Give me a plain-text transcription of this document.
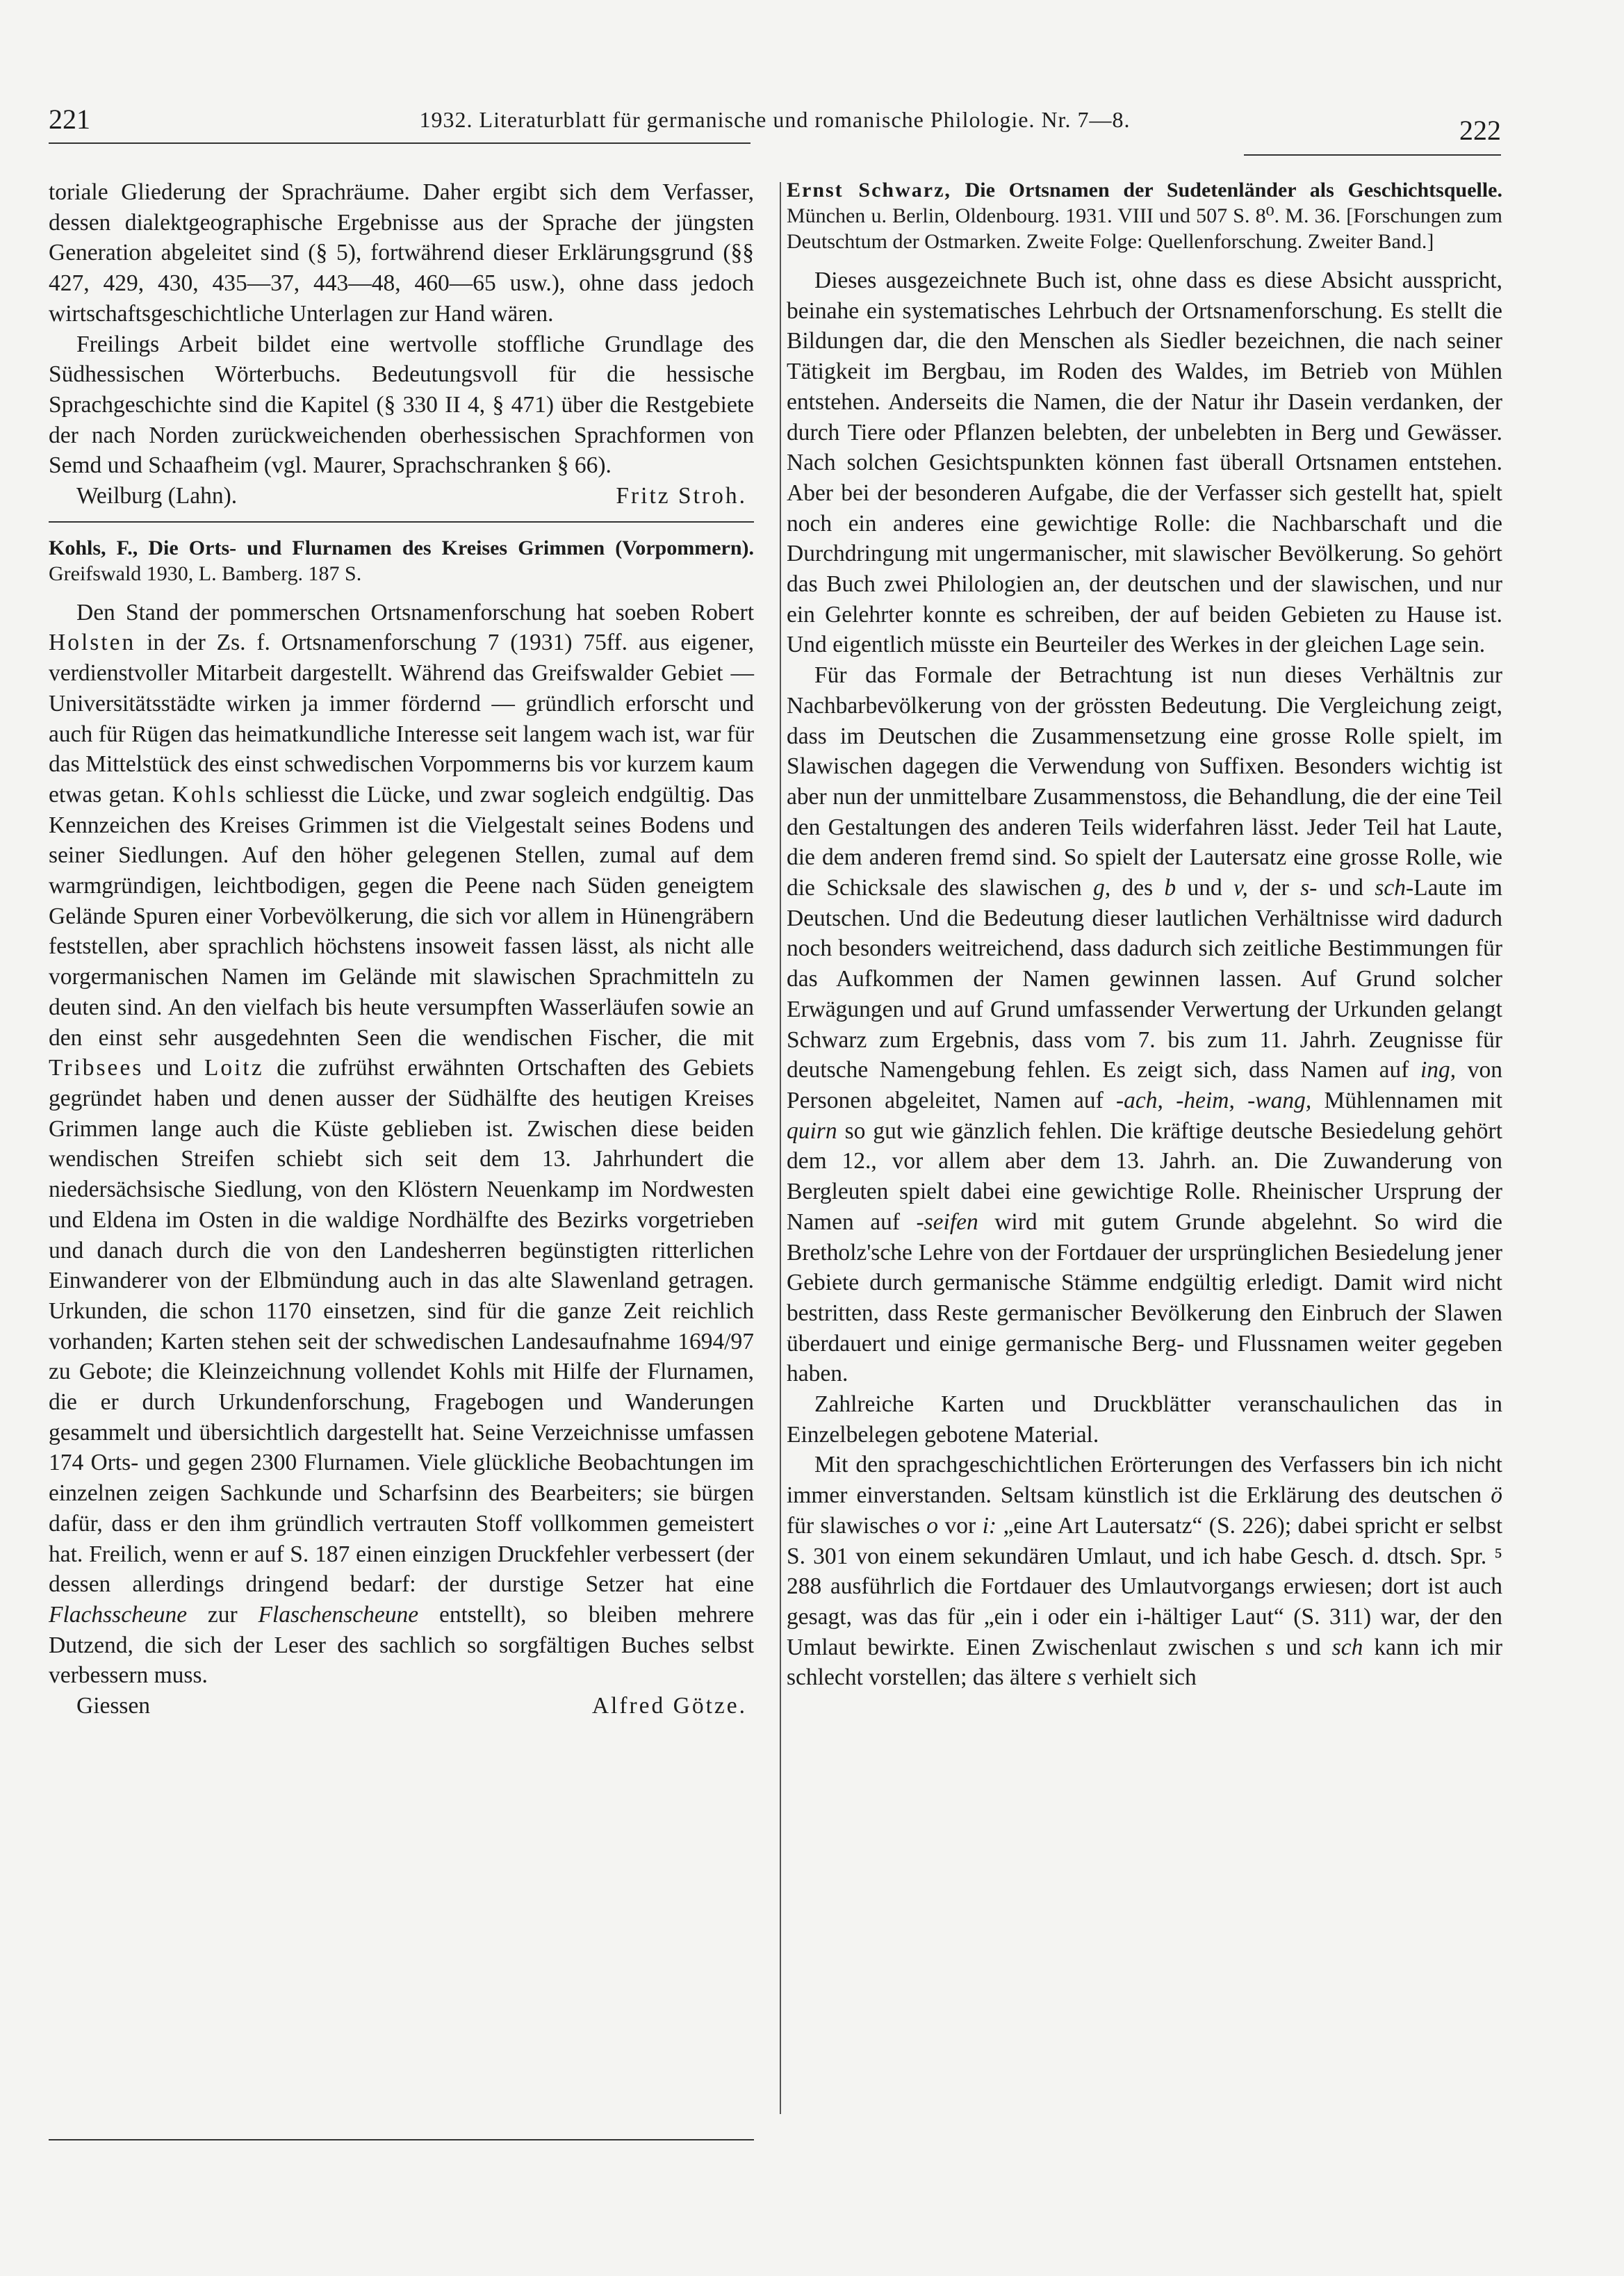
221	1932. Literaturblatt für germanische und romanische Philologie. Nr. 7—8.	222

toriale Gliederung der Sprachräume. Daher ergibt sich dem Verfasser, dessen dialektgeographische Ergebnisse aus der Sprache der jüngsten Generation abgeleitet sind (§ 5), fortwährend dieser Erklärungsgrund (§§ 427, 429, 430, 435—37, 443—48, 460—65 usw.), ohne dass jedoch wirtschaftsgeschichtliche Unterlagen zur Hand wären.

Freilings Arbeit bildet eine wertvolle stoffliche Grundlage des Südhessischen Wörterbuchs. Bedeutungsvoll für die hessische Sprachgeschichte sind die Kapitel (§ 330 II 4, § 471) über die Restgebiete der nach Norden zurückweichenden oberhessischen Sprachformen von Semd und Schaafheim (vgl. Maurer, Sprachschranken § 66).

Weilburg (Lahn).	Fritz Stroh.

Kohls, F., Die Orts- und Flurnamen des Kreises Grimmen (Vorpommern). Greifswald 1930, L. Bamberg. 187 S.

Den Stand der pommerschen Ortsnamenforschung hat soeben Robert Holsten in der Zs. f. Ortsnamenforschung 7 (1931) 75ff. aus eigener, verdienstvoller Mitarbeit dargestellt. Während das Greifswalder Gebiet — Universitätsstädte wirken ja immer fördernd — gründlich erforscht und auch für Rügen das heimatkundliche Interesse seit langem wach ist, war für das Mittelstück des einst schwedischen Vorpommerns bis vor kurzem kaum etwas getan. Kohls schliesst die Lücke, und zwar sogleich endgültig. Das Kennzeichen des Kreises Grimmen ist die Vielgestalt seines Bodens und seiner Siedlungen. Auf den höher gelegenen Stellen, zumal auf dem warmgründigen, leichtbodigen, gegen die Peene nach Süden geneigtem Gelände Spuren einer Vorbevölkerung, die sich vor allem in Hünengräbern feststellen, aber sprachlich höchstens insoweit fassen lässt, als nicht alle vorgermanischen Namen im Gelände mit slawischen Sprachmitteln zu deuten sind. An den vielfach bis heute versumpften Wasserläufen sowie an den einst sehr ausgedehnten Seen die wendischen Fischer, die mit Tribsees und Loitz die zufrühst erwähnten Ortschaften des Gebiets gegründet haben und denen ausser der Südhälfte des heutigen Kreises Grimmen lange auch die Küste geblieben ist. Zwischen diese beiden wendischen Streifen schiebt sich seit dem 13. Jahrhundert die niedersächsische Siedlung, von den Klöstern Neuenkamp im Nordwesten und Eldena im Osten in die waldige Nordhälfte des Bezirks vorgetrieben und danach durch die von den Landesherren begünstigten ritterlichen Einwanderer von der Elbmündung auch in das alte Slawenland getragen. Urkunden, die schon 1170 einsetzen, sind für die ganze Zeit reichlich vorhanden; Karten stehen seit der schwedischen Landesaufnahme 1694/97 zu Gebote; die Kleinzeichnung vollendet Kohls mit Hilfe der Flurnamen, die er durch Urkundenforschung, Fragebogen und Wanderungen gesammelt und übersichtlich dargestellt hat. Seine Verzeichnisse umfassen 174 Orts- und gegen 2300 Flurnamen. Viele glückliche Beobachtungen im einzelnen zeigen Sachkunde und Scharfsinn des Bearbeiters; sie bürgen dafür, dass er den ihm gründlich vertrauten Stoff vollkommen gemeistert hat. Freilich, wenn er auf S. 187 einen einzigen Druckfehler verbessert (der dessen allerdings dringend bedarf: der durstige Setzer hat eine Flachsscheune zur Flaschenscheune entstellt), so bleiben mehrere Dutzend, die sich der Leser des sachlich so sorgfältigen Buches selbst verbessern muss.

Giessen	Alfred Götze.

Ernst Schwarz, Die Ortsnamen der Sudetenländer als Geschichtsquelle. München u. Berlin, Oldenbourg. 1931. VIII und 507 S. 8⁰. M. 36. [Forschungen zum Deutschtum der Ostmarken. Zweite Folge: Quellenforschung. Zweiter Band.]

Dieses ausgezeichnete Buch ist, ohne dass es diese Absicht ausspricht, beinahe ein systematisches Lehrbuch der Ortsnamenforschung. Es stellt die Bildungen dar, die den Menschen als Siedler bezeichnen, die nach seiner Tätigkeit im Bergbau, im Roden des Waldes, im Betrieb von Mühlen entstehen. Anderseits die Namen, die der Natur ihr Dasein verdanken, der durch Tiere oder Pflanzen belebten, der unbelebten in Berg und Gewässer. Nach solchen Gesichtspunkten können fast überall Ortsnamen entstehen. Aber bei der besonderen Aufgabe, die der Verfasser sich gestellt hat, spielt noch ein anderes eine gewichtige Rolle: die Nachbarschaft und die Durchdringung mit ungermanischer, mit slawischer Bevölkerung. So gehört das Buch zwei Philologien an, der deutschen und der slawischen, und nur ein Gelehrter konnte es schreiben, der auf beiden Gebieten zu Hause ist. Und eigentlich müsste ein Beurteiler des Werkes in der gleichen Lage sein.

Für das Formale der Betrachtung ist nun dieses Verhältnis zur Nachbarbevölkerung von der grössten Bedeutung. Die Vergleichung zeigt, dass im Deutschen die Zusammensetzung eine grosse Rolle spielt, im Slawischen dagegen die Verwendung von Suffixen. Besonders wichtig ist aber nun der unmittelbare Zusammenstoss, die Behandlung, die der eine Teil den Gestaltungen des anderen Teils widerfahren lässt. Jeder Teil hat Laute, die dem anderen fremd sind. So spielt der Lautersatz eine grosse Rolle, wie die Schicksale des slawischen g, des b und v, der s- und sch-Laute im Deutschen. Und die Bedeutung dieser lautlichen Verhältnisse wird dadurch noch besonders weitreichend, dass dadurch sich zeitliche Bestimmungen für das Aufkommen der Namen gewinnen lassen. Auf Grund solcher Erwägungen und auf Grund umfassender Verwertung der Urkunden gelangt Schwarz zum Ergebnis, dass vom 7. bis zum 11. Jahrh. Zeugnisse für deutsche Namengebung fehlen. Es zeigt sich, dass Namen auf ing, von Personen abgeleitet, Namen auf -ach, -heim, -wang, Mühlennamen mit quirn so gut wie gänzlich fehlen. Die kräftige deutsche Besiedelung gehört dem 12., vor allem aber dem 13. Jahrh. an. Die Zuwanderung von Bergleuten spielt dabei eine gewichtige Rolle. Rheinischer Ursprung der Namen auf -seifen wird mit gutem Grunde abgelehnt. So wird die Bretholz'sche Lehre von der Fortdauer der ursprünglichen Besiedelung jener Gebiete durch germanische Stämme endgültig erledigt. Damit wird nicht bestritten, dass Reste germanischer Bevölkerung den Einbruch der Slawen überdauert und einige germanische Berg- und Flussnamen weiter gegeben haben.

Zahlreiche Karten und Druckblätter veranschaulichen das in Einzelbelegen gebotene Material.

Mit den sprachgeschichtlichen Erörterungen des Verfassers bin ich nicht immer einverstanden. Seltsam künstlich ist die Erklärung des deutschen ö für slawisches o vor i: „eine Art Lautersatz“ (S. 226); dabei spricht er selbst S. 301 von einem sekundären Umlaut, und ich habe Gesch. d. dtsch. Spr. ⁵ 288 ausführlich die Fortdauer des Umlautvorgangs erwiesen; dort ist auch gesagt, was das für „ein i oder ein i-hältiger Laut“ (S. 311) war, der den Umlaut bewirkte. Einen Zwischenlaut zwischen s und sch kann ich mir schlecht vorstellen; das ältere s verhielt sich
